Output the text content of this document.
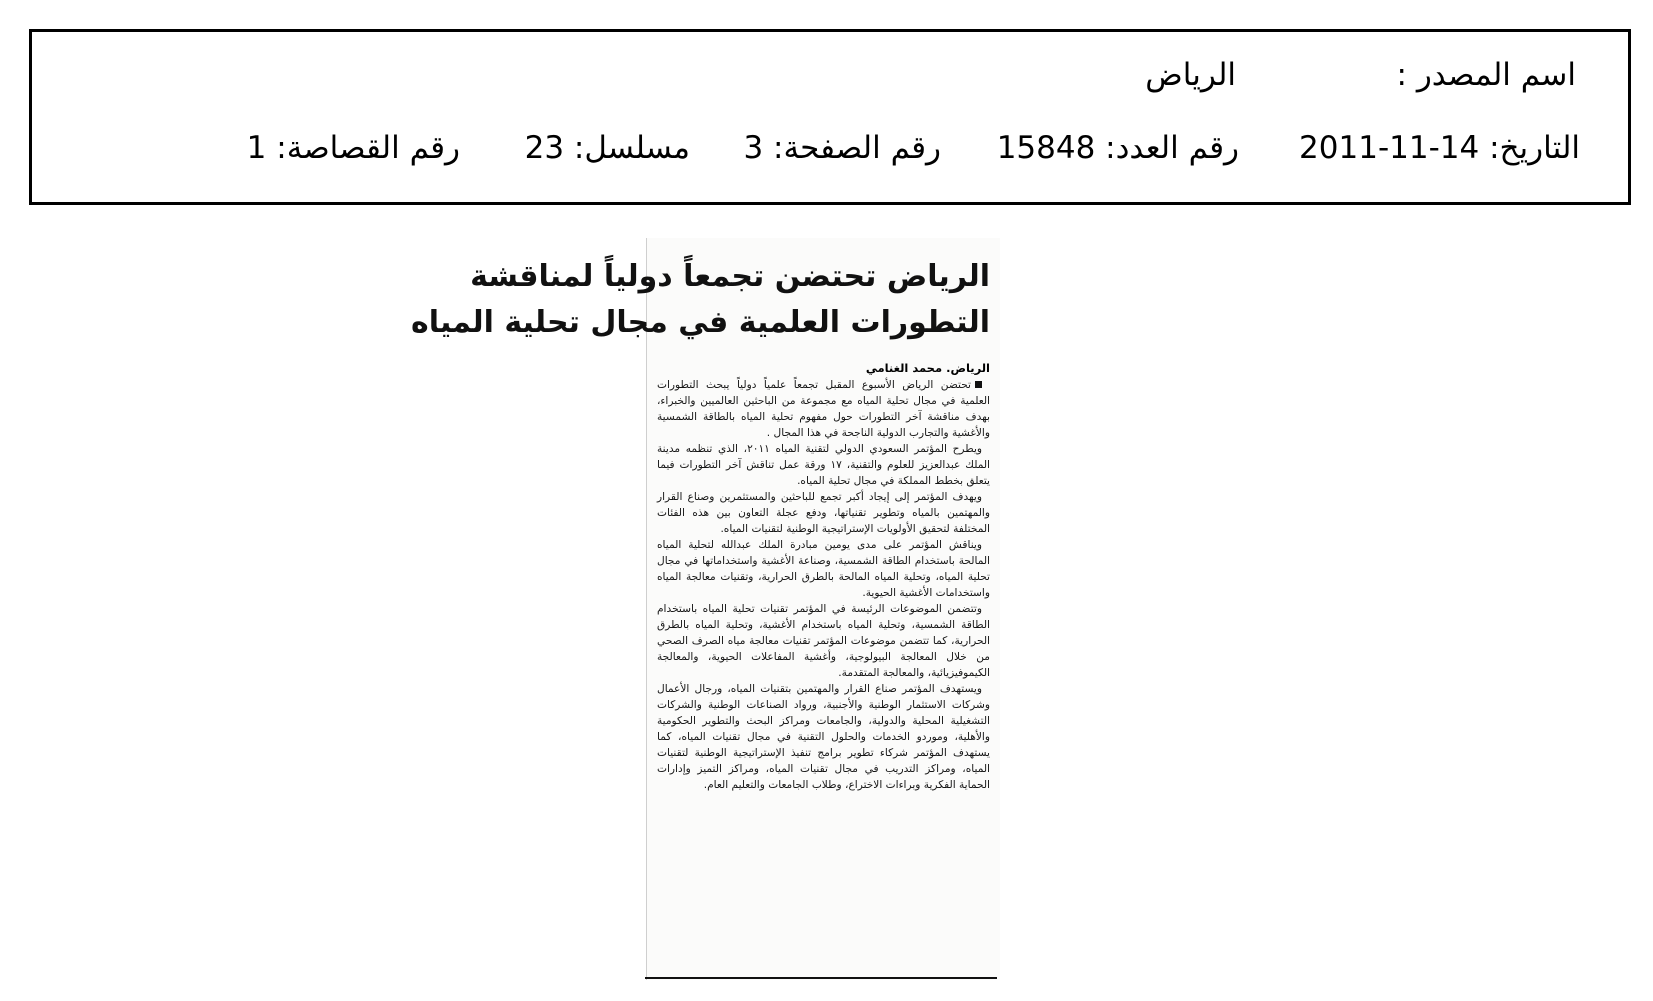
اسم المصدر :
الرياض
التاريخ: 14-11-2011
رقم العدد: 15848
رقم الصفحة: 3
مسلسل: 23
رقم القصاصة: 1
الرياض تحتضن تجمعاً دولياً لمناقشة
التطورات العلمية في مجال تحلية المياه
الرياض. محمد الغنامي

تحتضن الرياض الأسبوع المقبل تجمعاً علمياً دولياً يبحث التطورات العلمية في مجال تحلية المياه مع مجموعة من الباحثين العالميين والخبراء، بهدف مناقشة آخر التطورات حول مفهوم تحلية المياه بالطاقة الشمسية والأغشية والتجارب الدولية الناجحة في هذا المجال .

ويطرح المؤتمر السعودي الدولي لتقنية المياه ٢٠١١، الذي تنظمه مدينة الملك عبدالعزيز للعلوم والتقنية، ١٧ ورقة عمل تناقش آخر التطورات فيما يتعلق بخطط المملكة في مجال تحلية المياه.

ويهدف المؤتمر إلى إيجاد أكبر تجمع للباحثين والمستثمرين وصناع القرار والمهتمين بالمياه وتطوير تقنياتها، ودفع عجلة التعاون بين هذه الفئات المختلفة لتحقيق الأولويات الإستراتيجية الوطنية لتقنيات المياه.

ويناقش المؤتمر على مدى يومين مبادرة الملك عبدالله لتحلية المياه المالحة باستخدام الطاقة الشمسية، وصناعة الأغشية واستخداماتها في مجال تحلية المياه، وتحلية المياه المالحة بالطرق الحرارية، وتقنيات معالجة المياه واستخدامات الأغشية الحيوية.

وتتضمن الموضوعات الرئيسة في المؤتمر تقنيات تحلية المياه باستخدام الطاقة الشمسية، وتحلية المياه باستخدام الأغشية، وتحلية المياه بالطرق الحرارية، كما تتضمن موضوعات المؤتمر تقنيات معالجة مياه الصرف الصحي من خلال المعالجة البيولوجية، وأغشية المفاعلات الحيوية، والمعالجة الكيموفيزيائية، والمعالجة المتقدمة.

ويستهدف المؤتمر صناع القرار والمهتمين بتقنيات المياه، ورجال الأعمال وشركات الاستثمار الوطنية والأجنبية، ورواد الصناعات الوطنية والشركات التشغيلية المحلية والدولية، والجامعات ومراكز البحث والتطوير الحكومية والأهلية، وموردو الخدمات والحلول التقنية في مجال تقنيات المياه، كما يستهدف المؤتمر شركاء تطوير برامج تنفيذ الإستراتيجية الوطنية لتقنيات المياه، ومراكز التدريب في مجال تقنيات المياه، ومراكز التميز وإدارات الحماية الفكرية وبراءات الاختراع، وطلاب الجامعات والتعليم العام.
